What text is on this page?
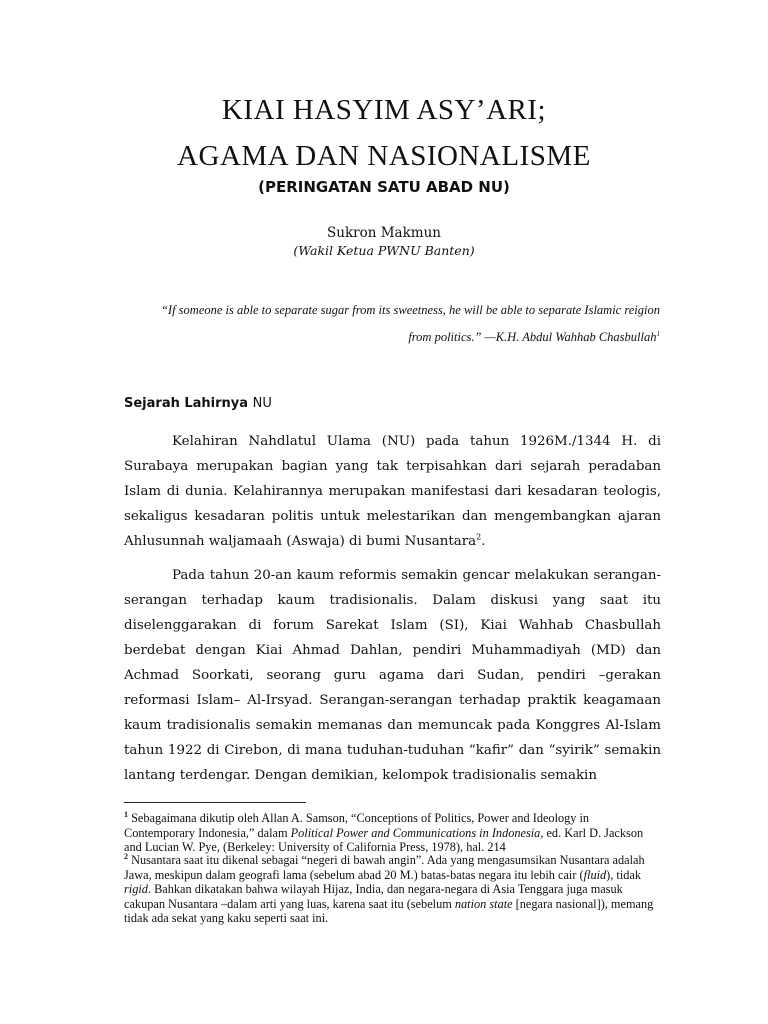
KIAI HASYIM ASY’ARI;
AGAMA DAN NASIONALISME
(PERINGATAN SATU ABAD NU)
Sukron Makmun
(Wakil Ketua PWNU Banten)
“If someone is able to separate sugar from its sweetness, he will be able to separate Islamic reigion from politics.” —K.H. Abdul Wahhab Chasbullah$^1$
Sejarah Lahirnya NU

Kelahiran Nahdlatul Ulama (NU) pada tahun 1926M./1344 H. di Surabaya merupakan bagian yang tak terpisahkan dari sejarah peradaban Islam di dunia. Kelahirannya merupakan manifestasi dari kesadaran teologis, sekaligus kesadaran politis untuk melestarikan dan mengembangkan ajaran Ahlusunnah waljamaah (Aswaja) di bumi Nusantara$^2$.

Pada tahun 20-an kaum reformis semakin gencar melakukan serangan-serangan terhadap kaum tradisionalis. Dalam diskusi yang saat itu diselenggarakan di forum Sarekat Islam (SI), Kiai Wahhab Chasbullah berdebat dengan Kiai Ahmad Dahlan, pendiri Muhammadiyah (MD) dan Achmad Soorkati, seorang guru agama dari Sudan, pendiri –gerakan reformasi Islam– Al-Irsyad. Serangan-serangan terhadap praktik keagamaan kaum tradisionalis semakin memanas dan memuncak pada Konggres Al-Islam tahun 1922 di Cirebon, di mana tuduhan-tuduhan “kafir” dan “syirik” semakin lantang terdengar. Dengan demikian, kelompok tradisionalis semakin

$^1$ Sebagaimana dikutip oleh Allan A. Samson, “Conceptions of Politics, Power and Ideology in Contemporary Indonesia,” dalam Political Power and Communications in Indonesia, ed. Karl D. Jackson and Lucian W. Pye, (Berkeley: University of California Press, 1978), hal. 214

$^2$ Nusantara saat itu dikenal sebagai “negeri di bawah angin”. Ada yang mengasumsikan Nusantara adalah Jawa, meskipun dalam geografi lama (sebelum abad 20 M.) batas-batas negara itu lebih cair (fluid), tidak rigid. Bahkan dikatakan bahwa wilayah Hijaz, India, dan negara-negara di Asia Tenggara juga masuk cakupan Nusantara –dalam arti yang luas, karena saat itu (sebelum nation state [negara nasional]), memang tidak ada sekat yang kaku seperti saat ini.
